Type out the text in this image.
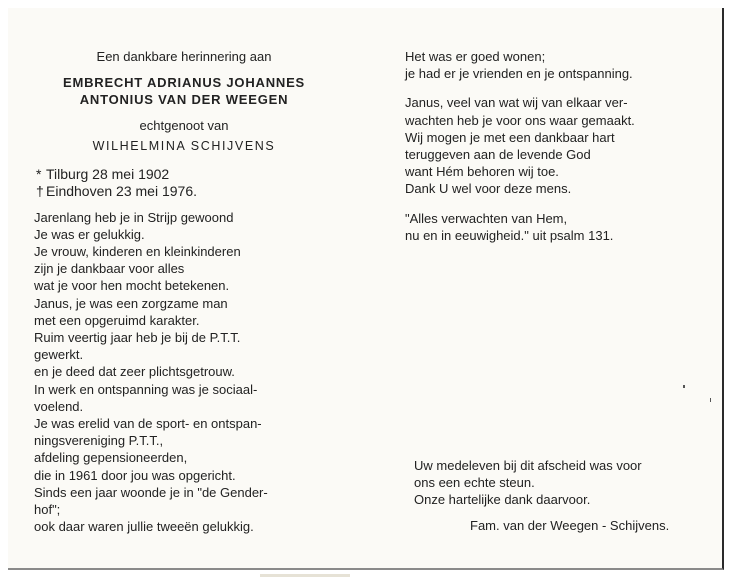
Een dankbare herinnering aan
EMBRECHT ADRIANUS JOHANNES
ANTONIUS VAN DER WEEGEN
echtgenoot van
WILHELMINA SCHIJVENS
* Tilburg 28 mei 1902
† Eindhoven 23 mei 1976.
Jarenlang heb je in Strijp gewoond
Je was er gelukkig.
Je vrouw, kinderen en kleinkinderen
zijn je dankbaar voor alles
wat je voor hen mocht betekenen.
Janus, je was een zorgzame man
met een opgeruimd karakter.
Ruim veertig jaar heb je bij de P.T.T.
gewerkt.
en je deed dat zeer plichtsgetrouw.
In werk en ontspanning was je sociaal-
voelend.
Je was erelid van de sport- en ontspan-
ningsvereniging P.T.T.,
afdeling gepensioneerden,
die in 1961 door jou was opgericht.
Sinds een jaar woonde je in "de Gender-
hof";
ook daar waren jullie tweeën gelukkig.
Het was er goed wonen;
je had er je vrienden en je ontspanning.
Janus, veel van wat wij van elkaar ver-
wachten heb je voor ons waar gemaakt.
Wij mogen je met een dankbaar hart
teruggeven aan de levende God
want Hém behoren wij toe.
Dank U wel voor deze mens.
"Alles verwachten van Hem,
nu en in eeuwigheid." uit psalm 131.
Uw medeleven bij dit afscheid was voor
ons een echte steun.
Onze hartelijke dank daarvoor.
Fam. van der Weegen - Schijvens.
